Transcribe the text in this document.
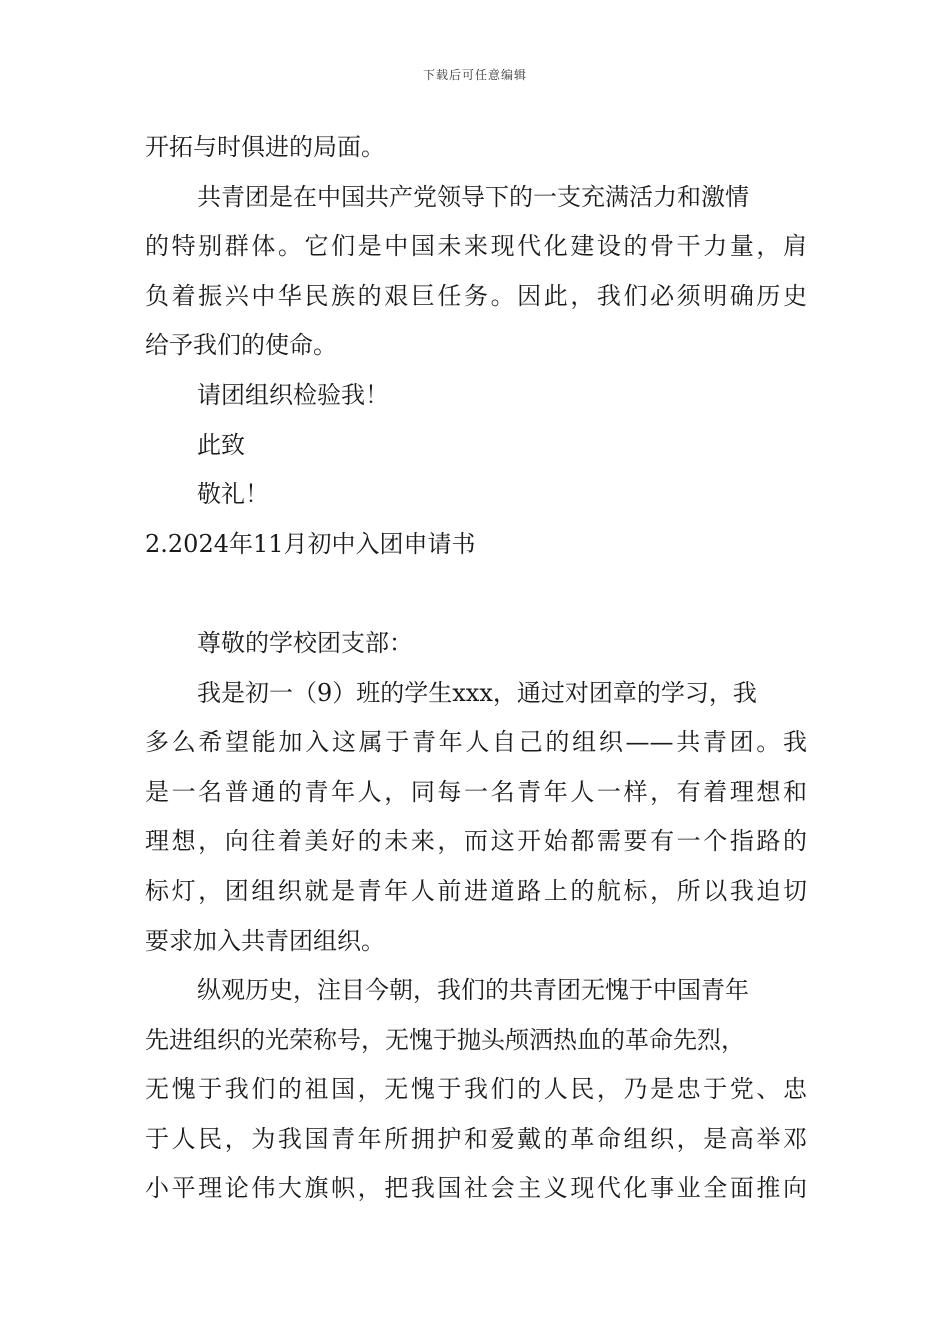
下载后可任意编辑
开拓与时俱进的局面。
共青团是在中国共产党领导下的一支充满活力和激情
的特别群体。它们是中国未来现代化建设的骨干力量，肩
负着振兴中华民族的艰巨任务。因此，我们必须明确历史
给予我们的使命。
请团组织检验我！
此致
敬礼！
2.2024年11月初中入团申请书
尊敬的学校团支部：
我是初一（9）班的学生xxx，通过对团章的学习，我
多么希望能加入这属于青年人自己的组织——共青团。我
是一名普通的青年人，同每一名青年人一样，有着理想和
理想，向往着美好的未来，而这开始都需要有一个指路的
标灯，团组织就是青年人前进道路上的航标，所以我迫切
要求加入共青团组织。
纵观历史，注目今朝，我们的共青团无愧于中国青年
先进组织的光荣称号，无愧于抛头颅洒热血的革命先烈，
无愧于我们的祖国，无愧于我们的人民，乃是忠于党、忠
于人民，为我国青年所拥护和爱戴的革命组织，是高举邓
小平理论伟大旗帜，把我国社会主义现代化事业全面推向
